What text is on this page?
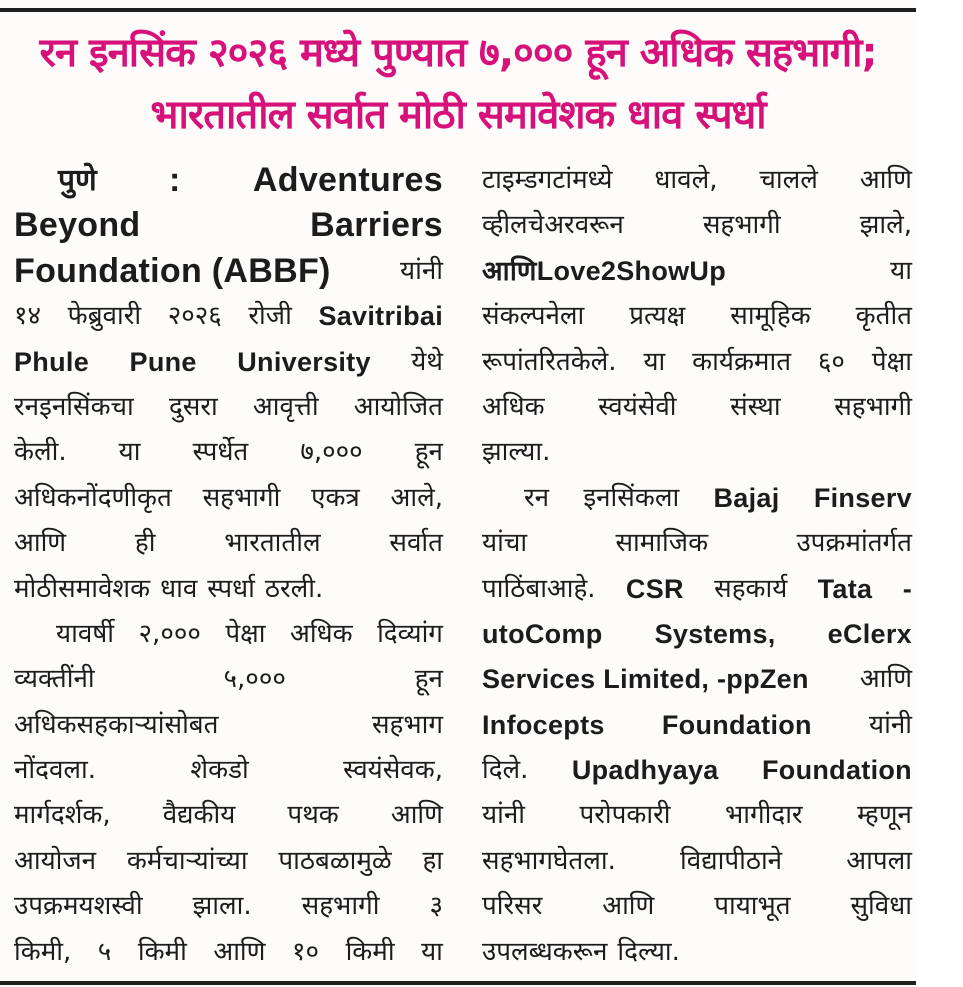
रन इनसिंक २०२६ मध्ये पुण्यात ७,००० हून अधिक सहभागी;
भारतातील सर्वात मोठी समावेशक धाव स्पर्धा
पुणे : Adventures
Beyond	Barriers
Foundation (ABBF)	यांनी
१४ फेब्रुवारी २०२६ रोजी Savitribai
Phule Pune University येथे
रनइनसिंकचा दुसरा आवृत्ती आयोजित
केली. या स्पर्धेत ७,००० हून
अधिकनोंदणीकृत सहभागी एकत्र आले,
आणि	ही	भारतातील	सर्वात
मोठीसमावेशक धाव स्पर्धा ठरली.
यावर्षी २,००० पेक्षा अधिक दिव्यांग
व्यक्तींनी	५,०००	हून
अधिकसहकाऱ्यांसोबत	सहभाग
नोंदवला.	शेकडो	स्वयंसेवक,
मार्गदर्शक, वैद्यकीय पथक आणि
आयोजन कर्मचाऱ्यांच्या पाठबळामुळे हा
उपक्रमयशस्वी झाला. सहभागी ३
किमी, ५ किमी आणि १० किमी या
टाइम्डगटांमध्ये धावले, चालले आणि
व्हीलचेअरवरून	सहभागी	झाले,
आणिLove2ShowUp	या
संकल्पनेला प्रत्यक्ष सामूहिक कृतीत
रूपांतरितकेले. या कार्यक्रमात ६० पेक्षा
अधिक स्वयंसेवी संस्था सहभागी
झाल्या.
रन इनसिंकला Bajaj Finserv
यांचा	सामाजिक	उपक्रमांतर्गत
पाठिंबाआहे. CSR सहकार्य Tata -
utoComp Systems, eClerx
Services Limited, -ppZen आणि
Infocepts Foundation यांनी
दिले. Upadhyaya Foundation
यांनी परोपकारी भागीदार म्हणून
सहभागघेतला. विद्यापीठाने आपला
परिसर आणि पायाभूत सुविधा
उपलब्धकरून दिल्या.
